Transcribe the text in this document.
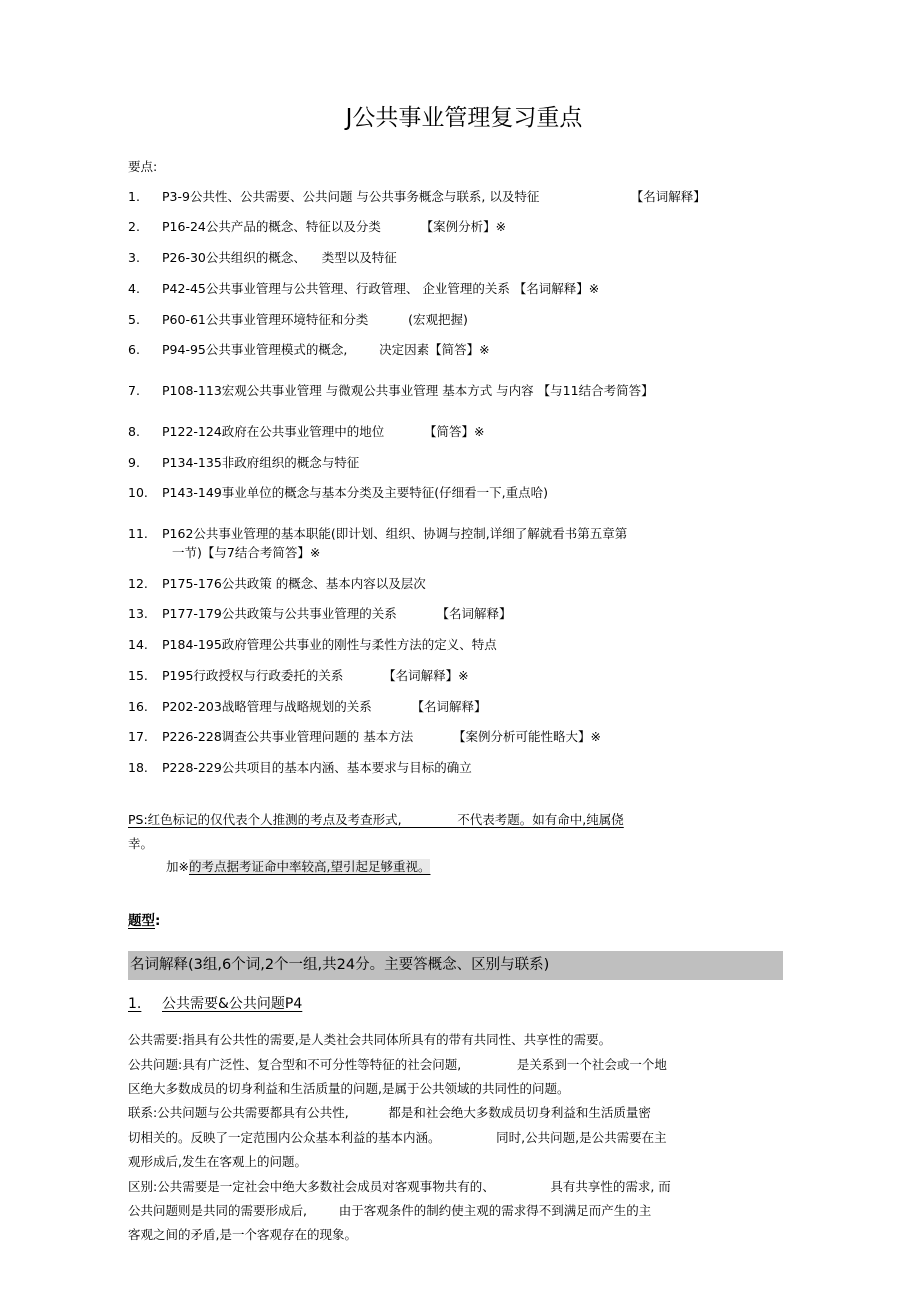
J公共事业管理复习重点
要点:
1.	P3-9公共性、公共需要、公共问题 与公共事务概念与联系, 以及特征                       【名词解释】
2.	P16-24公共产品的概念、特征以及分类          【案例分析】※
3.	P26-30公共组织的概念、    类型以及特征
4.	P42-45公共事业管理与公共管理、行政管理、 企业管理的关系 【名词解释】※
5.	P60-61公共事业管理环境特征和分类          (宏观把握)
6.	P94-95公共事业管理模式的概念,        决定因素【简答】※
7.	P108-113宏观公共事业管理 与微观公共事业管理 基本方式 与内容 【与11结合考简答】
8.	P122-124政府在公共事业管理中的地位          【简答】※
9.	P134-135非政府组织的概念与特征
10.	P143-149事业单位的概念与基本分类及主要特征(仔细看一下,重点哈)
11.	P162公共事业管理的基本职能(即计划、组织、协调与控制,详细了解就看书第五章第
一节)【与7结合考简答】※
12.	P175-176公共政策 的概念、基本内容以及层次
13.	P177-179公共政策与公共事业管理的关系          【名词解释】
14.	P184-195政府管理公共事业的刚性与柔性方法的定义、特点
15.	P195行政授权与行政委托的关系          【名词解释】※
16.	P202-203战略管理与战略规划的关系          【名词解释】
17.	P226-228调查公共事业管理问题的 基本方法          【案例分析可能性略大】※
18.	P228-229公共项目的基本内涵、基本要求与目标的确立
PS:红色标记的仅代表个人推测的考点及考查形式,              不代表考题。如有命中,纯属侥
幸。
加※的考点据考证命中率较高,望引起足够重视。
题型:
名词解释(3组,6个词,2个一组,共24分。主要答概念、区别与联系)
1. 公共需要&公共问题P4
公共需要:指具有公共性的需要,是人类社会共同体所具有的带有共同性、共享性的需要。
公共问题:具有广泛性、复合型和不可分性等特征的社会问题,              是关系到一个社会或一个地
区绝大多数成员的切身利益和生活质量的问题,是属于公共领域的共同性的问题。
联系:公共问题与公共需要都具有公共性,          都是和社会绝大多数成员切身利益和生活质量密
切相关的。反映了一定范围内公众基本利益的基本内涵。              同时,公共问题,是公共需要在主
观形成后,发生在客观上的问题。
区别:公共需要是一定社会中绝大多数社会成员对客观事物共有的、              具有共享性的需求, 而
公共问题则是共同的需要形成后,        由于客观条件的制约使主观的需求得不到满足而产生的主
客观之间的矛盾,是一个客观存在的现象。
